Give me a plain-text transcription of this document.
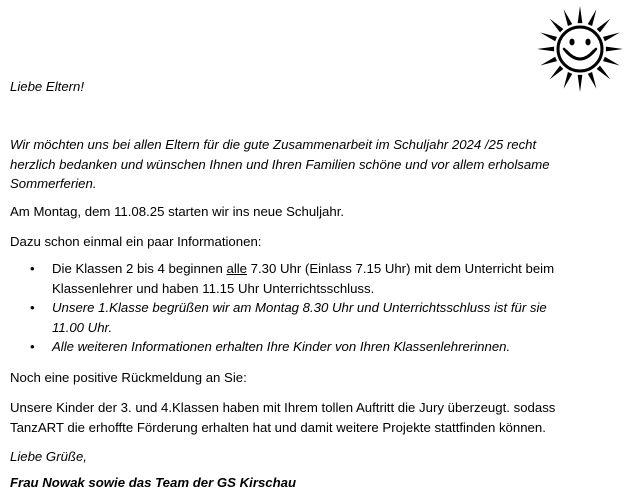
Liebe Eltern!

Wir möchten uns bei allen Eltern für die gute Zusammenarbeit im Schuljahr 2024 /25 recht
herzlich bedanken und wünschen Ihnen und Ihren Familien schöne und vor allem erholsame
Sommerferien.

Am Montag, dem 11.08.25 starten wir ins neue Schuljahr.

Dazu schon einmal ein paar Informationen:

• Die Klassen 2 bis 4 beginnen alle 7.30 Uhr (Einlass 7.15 Uhr) mit dem Unterricht beim
Klassenlehrer und haben 11.15 Uhr Unterrichtsschluss.
• Unsere 1.Klasse begrüßen wir am Montag 8.30 Uhr und Unterrichtsschluss ist für sie
11.00 Uhr.
• Alle weiteren Informationen erhalten Ihre Kinder von Ihren Klassenlehrerinnen.

Noch eine positive Rückmeldung an Sie:

Unsere Kinder der 3. und 4.Klassen haben mit Ihrem tollen Auftritt die Jury überzeugt. sodass
TanzART die erhoffte Förderung erhalten hat und damit weitere Projekte stattfinden können.

Liebe Grüße,

Frau Nowak sowie das Team der GS Kirschau
